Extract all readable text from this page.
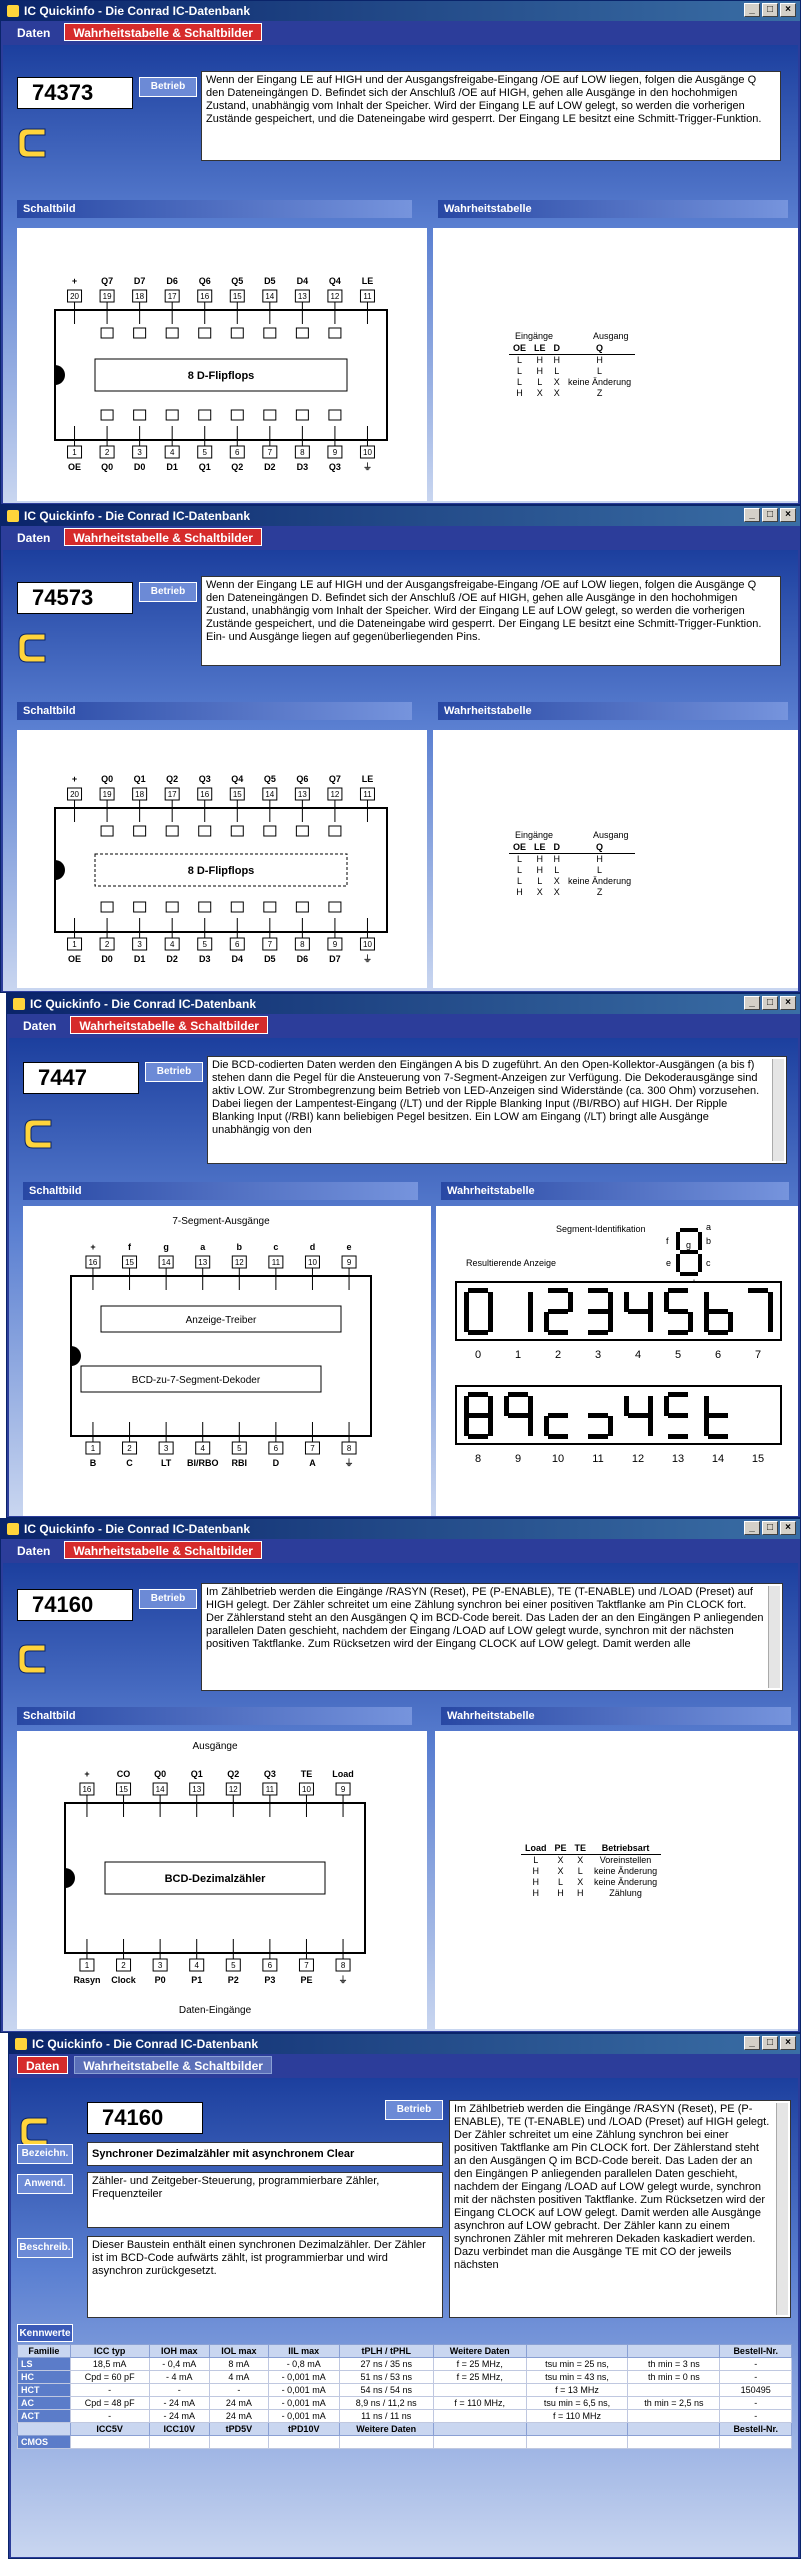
IC Quickinfo - Die Conrad IC-Datenbank	_	□	×
Daten Wahrheitstabelle & Schaltbilder
74373	Betrieb
Wenn der Eingang LE auf HIGH und der Ausgangsfreigabe-Eingang /OE auf LOW liegen, folgen die Ausgänge Q den Dateneingängen D. Befindet sich der Anschluß /OE auf HIGH, gehen alle Ausgänge in den hochohmigen Zustand, unabhängig vom Inhalt der Speicher. Wird der Eingang LE auf LOW gelegt, so werden die vorherigen Zustände gespeichert, und die Dateneingabe wird gesperrt. Der Eingang LE besitzt eine Schmitt-Trigger-Funktion.
Schaltbild	Wahrheitstabelle
+
20
1
OE
Q7
19
2
Q0
D7
18
3
D0
D6
17
4
D1
Q6
16
5
Q1
Q5
15
6
Q2
D5
14
7
D2
D4
13
8
D3
Q4
12
9
Q3
LE
11
10
⏚
8 D-Flipflops
Eingänge	Ausgang
OE	LE	D	Q
L	H	H	H
L	H	L	L
L	L	X	keine Änderung
H	X	X	Z
IC Quickinfo - Die Conrad IC-Datenbank	_	□	×
Daten Wahrheitstabelle & Schaltbilder
74573	Betrieb
Wenn der Eingang LE auf HIGH und der Ausgangsfreigabe-Eingang /OE auf LOW liegen, folgen die Ausgänge Q den Dateneingängen D. Befindet sich der Anschluß /OE auf HIGH, gehen alle Ausgänge in den hochohmigen Zustand, unabhängig vom Inhalt der Speicher. Wird der Eingang LE auf LOW gelegt, so werden die vorherigen Zustände gespeichert, und die Dateneingabe wird gesperrt. Der Eingang LE besitzt eine Schmitt-Trigger-Funktion. Ein- und Ausgänge liegen auf gegenüberliegenden Pins.
Schaltbild	Wahrheitstabelle
+
20
1
OE
Q0
19
2
D0
Q1
18
3
D1
Q2
17
4
D2
Q3
16
5
D3
Q4
15
6
D4
Q5
14
7
D5
Q6
13
8
D6
Q7
12
9
D7
LE
11
10
⏚
8 D-Flipflops
Eingänge	Ausgang
OE	LE	D	Q
L	H	H	H
L	H	L	L
L	L	X	keine Änderung
H	X	X	Z
IC Quickinfo - Die Conrad IC-Datenbank	_	□	×
Daten Wahrheitstabelle & Schaltbilder
7447	Betrieb
Die BCD-codierten Daten werden den Eingängen A bis D zugeführt. An den Open-Kollektor-Ausgängen (a bis f) stehen dann die Pegel für die Ansteuerung von 7-Segment-Anzeigen zur Verfügung. Die Dekoderausgänge sind aktiv LOW. Zur Strombegrenzung beim Betrieb von LED-Anzeigen sind Widerstände (ca. 300 Ohm) vorzusehen. Dabei liegen der Lampentest-Eingang (/LT) und der Ripple Blanking Input (/BI/RBO) auf HIGH. Der Ripple Blanking Input (/RBI) kann beliebigen Pegel besitzen. Ein LOW am Eingang (/LT) bringt alle Ausgänge unabhängig von den
Schaltbild	Wahrheitstabelle
7-Segment-Ausgänge
+
16
1
B
f
15
2
C
g
14
3
LT
a
13
4
BI/RBO
b
12
5
RBI
c
11
6
D
d
10
7
A
e
9
8
⏚
Anzeige-Treiber
BCD-zu-7-Segment-Dekoder
Segment-Identifikation	a
b
c
e
f g
Resultierende Anzeige
0	1	2	3	4	5	6	7
8	9	10	11	12	13	14	15
IC Quickinfo - Die Conrad IC-Datenbank	_	□	×
Daten Wahrheitstabelle & Schaltbilder
74160	Betrieb
Im Zählbetrieb werden die Eingänge /RASYN (Reset), PE (P-ENABLE), TE (T-ENABLE) und /LOAD (Preset) auf HIGH gelegt. Der Zähler schreitet um eine Zählung synchron bei einer positiven Taktflanke am Pin CLOCK fort. Der Zählerstand steht an den Ausgängen Q im BCD-Code bereit. Das Laden der an den Eingängen P anliegenden parallelen Daten geschieht, nachdem der Eingang /LOAD auf LOW gelegt wurde, synchron mit der nächsten positiven Taktflanke. Zum Rücksetzen wird der Eingang CLOCK auf LOW gelegt. Damit werden alle
Schaltbild	Wahrheitstabelle
Ausgänge
Daten-Eingänge
+
16
1
Rasyn
CO
15
2
Clock
Q0
14
3
P0
Q1
13
4
P1
Q2
12
5
P2
Q3
11
6
P3
TE
10
7
PE
Load
9
8
⏚
BCD-Dezimalzähler
Load	PE	TE	Betriebsart
L	X	X	Voreinstellen
H	X	L	keine Änderung
H	L	X	keine Änderung
H	H	H	Zählung
IC Quickinfo - Die Conrad IC-Datenbank	_	□	×
Daten Wahrheitstabelle & Schaltbilder
74160	Betrieb
Bezeichn.	Synchroner Dezimalzähler mit asynchronem Clear
Anwend.	Zähler- und Zeitgeber-Steuerung, programmierbare Zähler, Frequenzteiler
Beschreib.	Dieser Baustein enthält einen synchronen Dezimalzähler. Der Zähler ist im BCD-Code aufwärts zählt, ist programmierbar und wird asynchron zurückgesetzt.
Im Zählbetrieb werden die Eingänge /RASYN (Reset), PE (P-ENABLE), TE (T-ENABLE) und /LOAD (Preset) auf HIGH gelegt. Der Zähler schreitet um eine Zählung synchron bei einer positiven Taktflanke am Pin CLOCK fort. Der Zählerstand steht an den Ausgängen Q im BCD-Code bereit. Das Laden der an den Eingängen P anliegenden parallelen Daten geschieht, nachdem der Eingang /LOAD auf LOW gelegt wurde, synchron mit der nächsten positiven Taktflanke. Zum Rücksetzen wird der Eingang CLOCK auf LOW gelegt. Damit werden alle Ausgänge asynchron auf LOW gebracht. Der Zähler kann zu einem synchronen Zähler mit mehreren Dekaden kaskadiert werden. Dazu verbindet man die Ausgänge TE mit CO der jeweils nächsten
Kennwerte
Familie	ICC typ	IOH max	IOL max	IIL max	tPLH / tPHL	Weitere Daten			Bestell-Nr.
LS	18,5 mA	- 0,4 mA	8 mA	- 0,8 mA	27 ns / 35 ns	f = 25 MHz,	tsu min = 25 ns,	th min = 3 ns	-
HC	Cpd = 60 pF	- 4 mA	4 mA	- 0,001 mA	51 ns / 53 ns	f = 25 MHz,	tsu min = 43 ns,	th min = 0 ns	-
HCT	-	-	-	- 0,001 mA	54 ns / 54 ns		f = 13 MHz		150495
AC	Cpd = 48 pF	- 24 mA	24 mA	- 0,001 mA	8,9 ns / 11,2 ns	f = 110 MHz,	tsu min = 6,5 ns,	th min = 2,5 ns	-
ACT	-	- 24 mA	24 mA	- 0,001 mA	11 ns / 11 ns		f = 110 MHz		-
	ICC5V	ICC10V	tPD5V	tPD10V	Weitere Daten				Bestell-Nr.
CMOS									
